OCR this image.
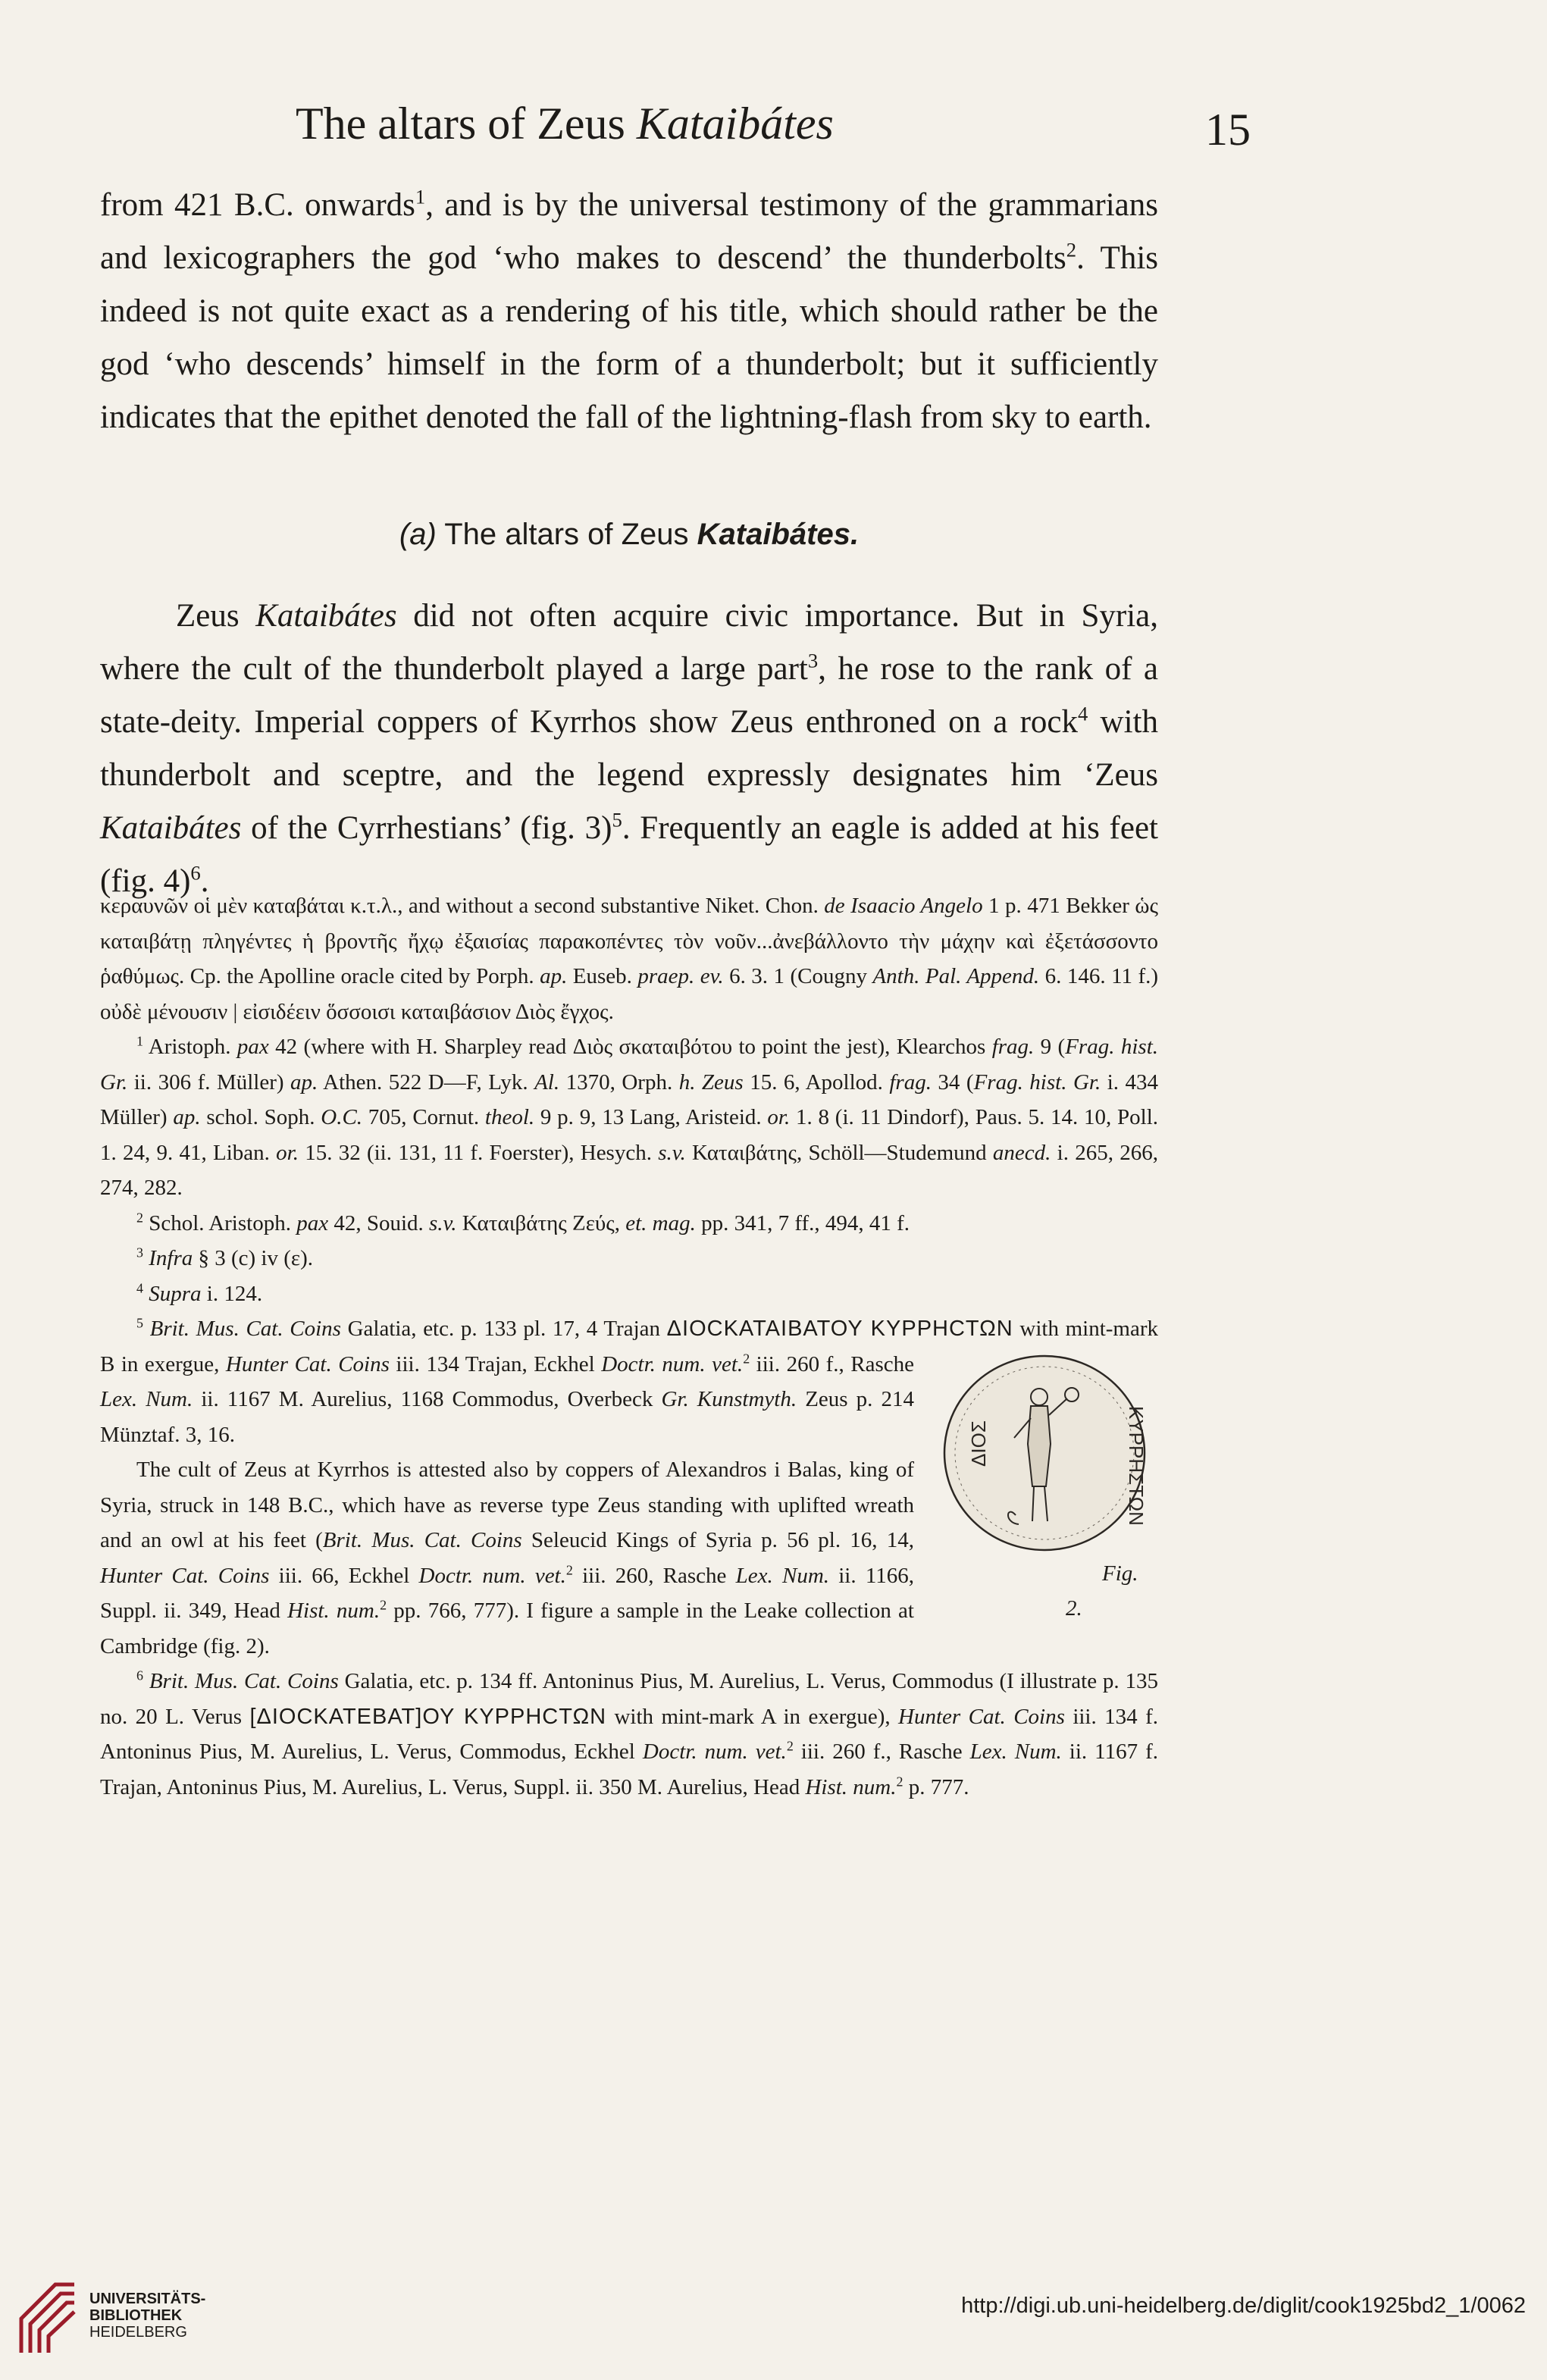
The altars of Zeus Kataibátes	15

from 421 B.C. onwards$^1$, and is by the universal testimony of the grammarians and lexicographers the god ‘who makes to descend’ the thunderbolts$^2$. This indeed is not quite exact as a rendering of his title, which should rather be the god ‘who descends’ himself in the form of a thunderbolt; but it sufficiently indicates that the epithet denoted the fall of the lightning-flash from sky to earth.

(a) The altars of Zeus Kataibátes.

Zeus Kataibátes did not often acquire civic importance. But in Syria, where the cult of the thunderbolt played a large part$^3$, he rose to the rank of a state-deity. Imperial coppers of Kyrrhos show Zeus enthroned on a rock$^4$ with thunderbolt and sceptre, and the legend expressly designates him ‘Zeus Kataibátes of the Cyrrhestians’ (fig. 3)$^5$. Frequently an eagle is added at his feet (fig. 4)$^6$.

κεραυνῶν οἱ μὲν καταβάται κ.τ.λ., and without a second substantive Niket. Chon. de Isaacio Angelo 1 p. 471 Bekker ὡς καταιβάτῃ πληγέντες ἡ βροντῆς ἤχῳ ἐξαισίας παρακοπέντες τὸν νοῦν...ἀνεβάλλοντο τὴν μάχην καὶ ἐξετάσσοντο ῥαθύμως. Cp. the Apolline oracle cited by Porph. ap. Euseb. praep. ev. 6. 3. 1 (Cougny Anth. Pal. Append. 6. 146. 11 f.) οὐδὲ μένουσιν | εἰσιδέειν ὅσσοισι καταιβάσιον Διὸς ἔγχος.

$^1$ Aristoph. pax 42 (where with H. Sharpley read Διὸς σκαταιβότου to point the jest), Klearchos frag. 9 (Frag. hist. Gr. ii. 306 f. Müller) ap. Athen. 522 D—F, Lyk. Al. 1370, Orph. h. Zeus 15. 6, Apollod. frag. 34 (Frag. hist. Gr. i. 434 Müller) ap. schol. Soph. O.C. 705, Cornut. theol. 9 p. 9, 13 Lang, Aristeid. or. 1. 8 (i. 11 Dindorf), Paus. 5. 14. 10, Poll. 1. 24, 9. 41, Liban. or. 15. 32 (ii. 131, 11 f. Foerster), Hesych. s.v. Καταιβάτης, Schöll—Studemund anecd. i. 265, 266, 274, 282.

$^2$ Schol. Aristoph. pax 42, Souid. s.v. Καταιβάτης Ζεύς, et. mag. pp. 341, 7 ff., 494, 41 f.

$^3$ Infra § 3 (c) iv (ε).

$^4$ Supra i. 124.

$^5$ Brit. Mus. Cat. Coins Galatia, etc. p. 133 pl. 17, 4 Trajan ΔΙΟCΚΑΤΑΙΒΑΤΟΥ ΚΥΡΡΗCΤΩΝ with mint-mark B in exergue, Hunter Cat. Coins iii. 134 Trajan, Eckhel Doctr. num. vet.$^2$ iii. 260 f., Rasche
ΚΥΡΡΗΣΤΩΝ
ΔΙΟΣ
Fig. 2.
Lex. Num. ii. 1167 M. Aurelius, 1168 Commodus, Overbeck Gr. Kunstmyth. Zeus p. 214 Münztaf. 3, 16.

The cult of Zeus at Kyrrhos is attested also by coppers of Alexandros i Balas, king of Syria, struck in 148 B.C., which have as reverse type Zeus standing with uplifted wreath and an owl at his feet (Brit. Mus. Cat. Coins Seleucid Kings of Syria p. 56 pl. 16, 14, Hunter Cat. Coins iii. 66, Eckhel Doctr. num. vet.$^2$ iii. 260, Rasche Lex. Num. ii. 1166, Suppl. ii. 349, Head Hist. num.$^2$ pp. 766, 777). I figure a sample in the Leake collection at Cambridge (fig. 2).

$^6$ Brit. Mus. Cat. Coins Galatia, etc. p. 134 ff. Antoninus Pius, M. Aurelius, L. Verus, Commodus (I illustrate p. 135 no. 20 L. Verus [ΔΙΟCΚΑΤΕΒΑΤ]ΟΥ ΚΥΡΡΗCΤΩΝ with mint-mark A in exergue), Hunter Cat. Coins iii. 134 f. Antoninus Pius, M. Aurelius, L. Verus, Commodus, Eckhel Doctr. num. vet.$^2$ iii. 260 f., Rasche Lex. Num. ii. 1167 f. Trajan, Antoninus Pius, M. Aurelius, L. Verus, Suppl. ii. 350 M. Aurelius, Head Hist. num.$^2$ p. 777.

UNIVERSITÄTS-
BIBLIOTHEK
HEIDELBERG
http://digi.ub.uni-heidelberg.de/diglit/cook1925bd2_1/0062
